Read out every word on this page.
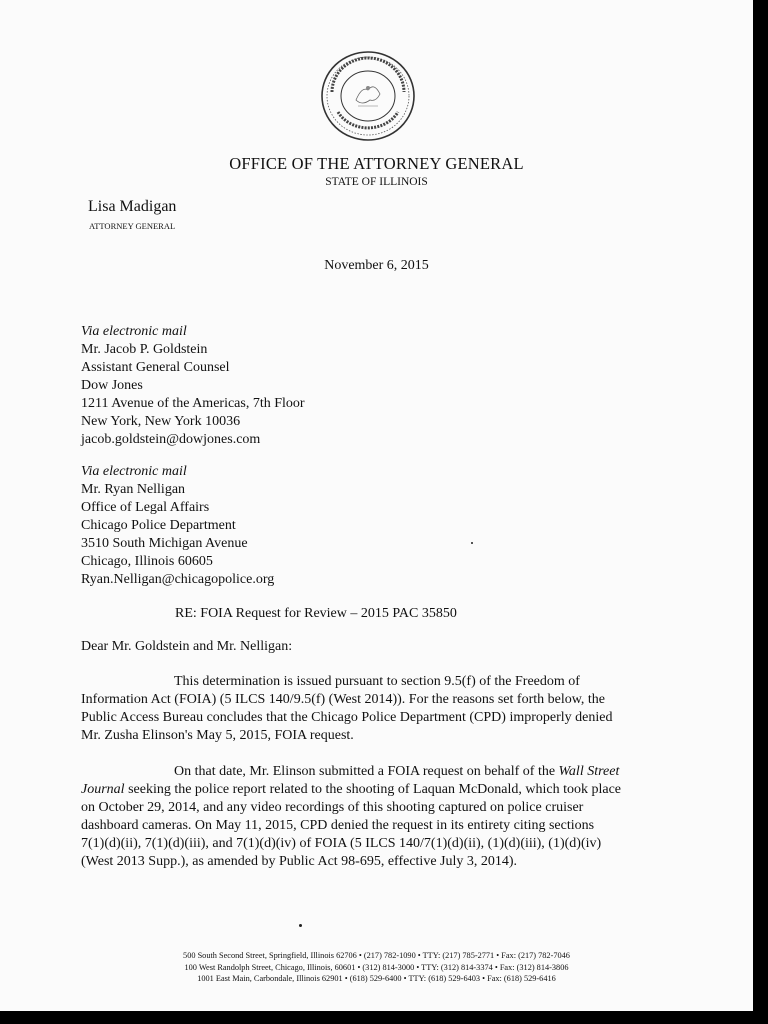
OFFICE OF THE ATTORNEY GENERAL
STATE OF ILLINOIS
Lisa Madigan
ATTORNEY GENERAL
November 6, 2015
Via electronic mail
Mr. Jacob P. Goldstein
Assistant General Counsel
Dow Jones
1211 Avenue of the Americas, 7th Floor
New York, New York 10036
jacob.goldstein@dowjones.com
Via electronic mail
Mr. Ryan Nelligan
Office of Legal Affairs
Chicago Police Department
3510 South Michigan Avenue
Chicago, Illinois 60605
Ryan.Nelligan@chicagopolice.org
RE: FOIA Request for Review – 2015 PAC 35850
Dear Mr. Goldstein and Mr. Nelligan:
This determination is issued pursuant to section 9.5(f) of the Freedom of
Information Act (FOIA) (5 ILCS 140/9.5(f) (West 2014)). For the reasons set forth below, the
Public Access Bureau concludes that the Chicago Police Department (CPD) improperly denied
Mr. Zusha Elinson's May 5, 2015, FOIA request.
On that date, Mr. Elinson submitted a FOIA request on behalf of the Wall Street
Journal seeking the police report related to the shooting of Laquan McDonald, which took place
on October 29, 2014, and any video recordings of this shooting captured on police cruiser
dashboard cameras. On May 11, 2015, CPD denied the request in its entirety citing sections
7(1)(d)(ii), 7(1)(d)(iii), and 7(1)(d)(iv) of FOIA (5 ILCS 140/7(1)(d)(ii), (1)(d)(iii), (1)(d)(iv)
(West 2013 Supp.), as amended by Public Act 98-695, effective July 3, 2014).
500 South Second Street, Springfield, Illinois 62706 • (217) 782-1090 • TTY: (217) 785-2771 • Fax: (217) 782-7046
100 West Randolph Street, Chicago, Illinois, 60601 • (312) 814-3000 • TTY: (312) 814-3374 • Fax: (312) 814-3806
1001 East Main, Carbondale, Illinois 62901 • (618) 529-6400 • TTY: (618) 529-6403 • Fax: (618) 529-6416
